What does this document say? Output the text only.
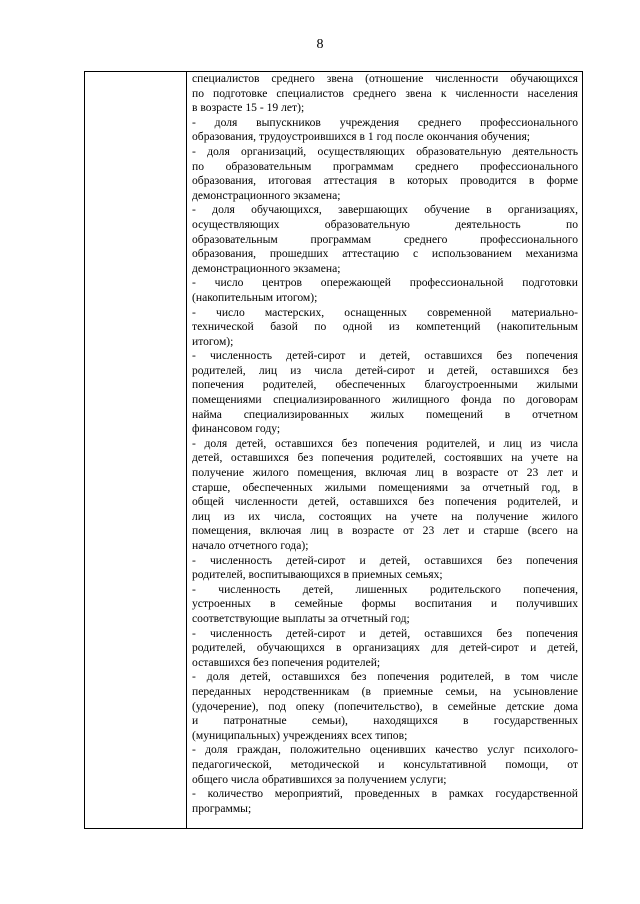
8
специалистов среднего звена (отношение численности обучающихся
по подготовке специалистов среднего звена к численности населения
в возрасте 15 - 19 лет);
- доля выпускников учреждения среднего профессионального
образования, трудоустроившихся в 1 год после окончания обучения;
- доля организаций, осуществляющих образовательную деятельность
по образовательным программам среднего профессионального
образования, итоговая аттестация в которых проводится в форме
демонстрационного экзамена;
- доля обучающихся, завершающих обучение в организациях,
осуществляющих образовательную деятельность по
образовательным программам среднего профессионального
образования, прошедших аттестацию с использованием механизма
демонстрационного экзамена;
- число центров опережающей профессиональной подготовки
(накопительным итогом);
- число мастерских, оснащенных современной материально-
технической базой по одной из компетенций (накопительным
итогом);
- численность детей-сирот и детей, оставшихся без попечения
родителей, лиц из числа детей-сирот и детей, оставшихся без
попечения родителей, обеспеченных благоустроенными жилыми
помещениями специализированного жилищного фонда по договорам
найма специализированных жилых помещений в отчетном
финансовом году;
- доля детей, оставшихся без попечения родителей, и лиц из числа
детей, оставшихся без попечения родителей, состоявших на учете на
получение жилого помещения, включая лиц в возрасте от 23 лет и
старше, обеспеченных жилыми помещениями за отчетный год, в
общей численности детей, оставшихся без попечения родителей, и
лиц из их числа, состоящих на учете на получение жилого
помещения, включая лиц в возрасте от 23 лет и старше (всего на
начало отчетного года);
- численность детей-сирот и детей, оставшихся без попечения
родителей, воспитывающихся в приемных семьях;
- численность детей, лишенных родительского попечения,
устроенных в семейные формы воспитания и получивших
соответствующие выплаты за отчетный год;
- численность детей-сирот и детей, оставшихся без попечения
родителей, обучающихся в организациях для детей-сирот и детей,
оставшихся без попечения родителей;
- доля детей, оставшихся без попечения родителей, в том числе
переданных неродственникам (в приемные семьи, на усыновление
(удочерение), под опеку (попечительство), в семейные детские дома
и патронатные семьи), находящихся в государственных
(муниципальных) учреждениях всех типов;
- доля граждан, положительно оценивших качество услуг психолого-
педагогической, методической и консультативной помощи, от
общего числа обратившихся за получением услуги;
- количество мероприятий, проведенных в рамках государственной
программы;
